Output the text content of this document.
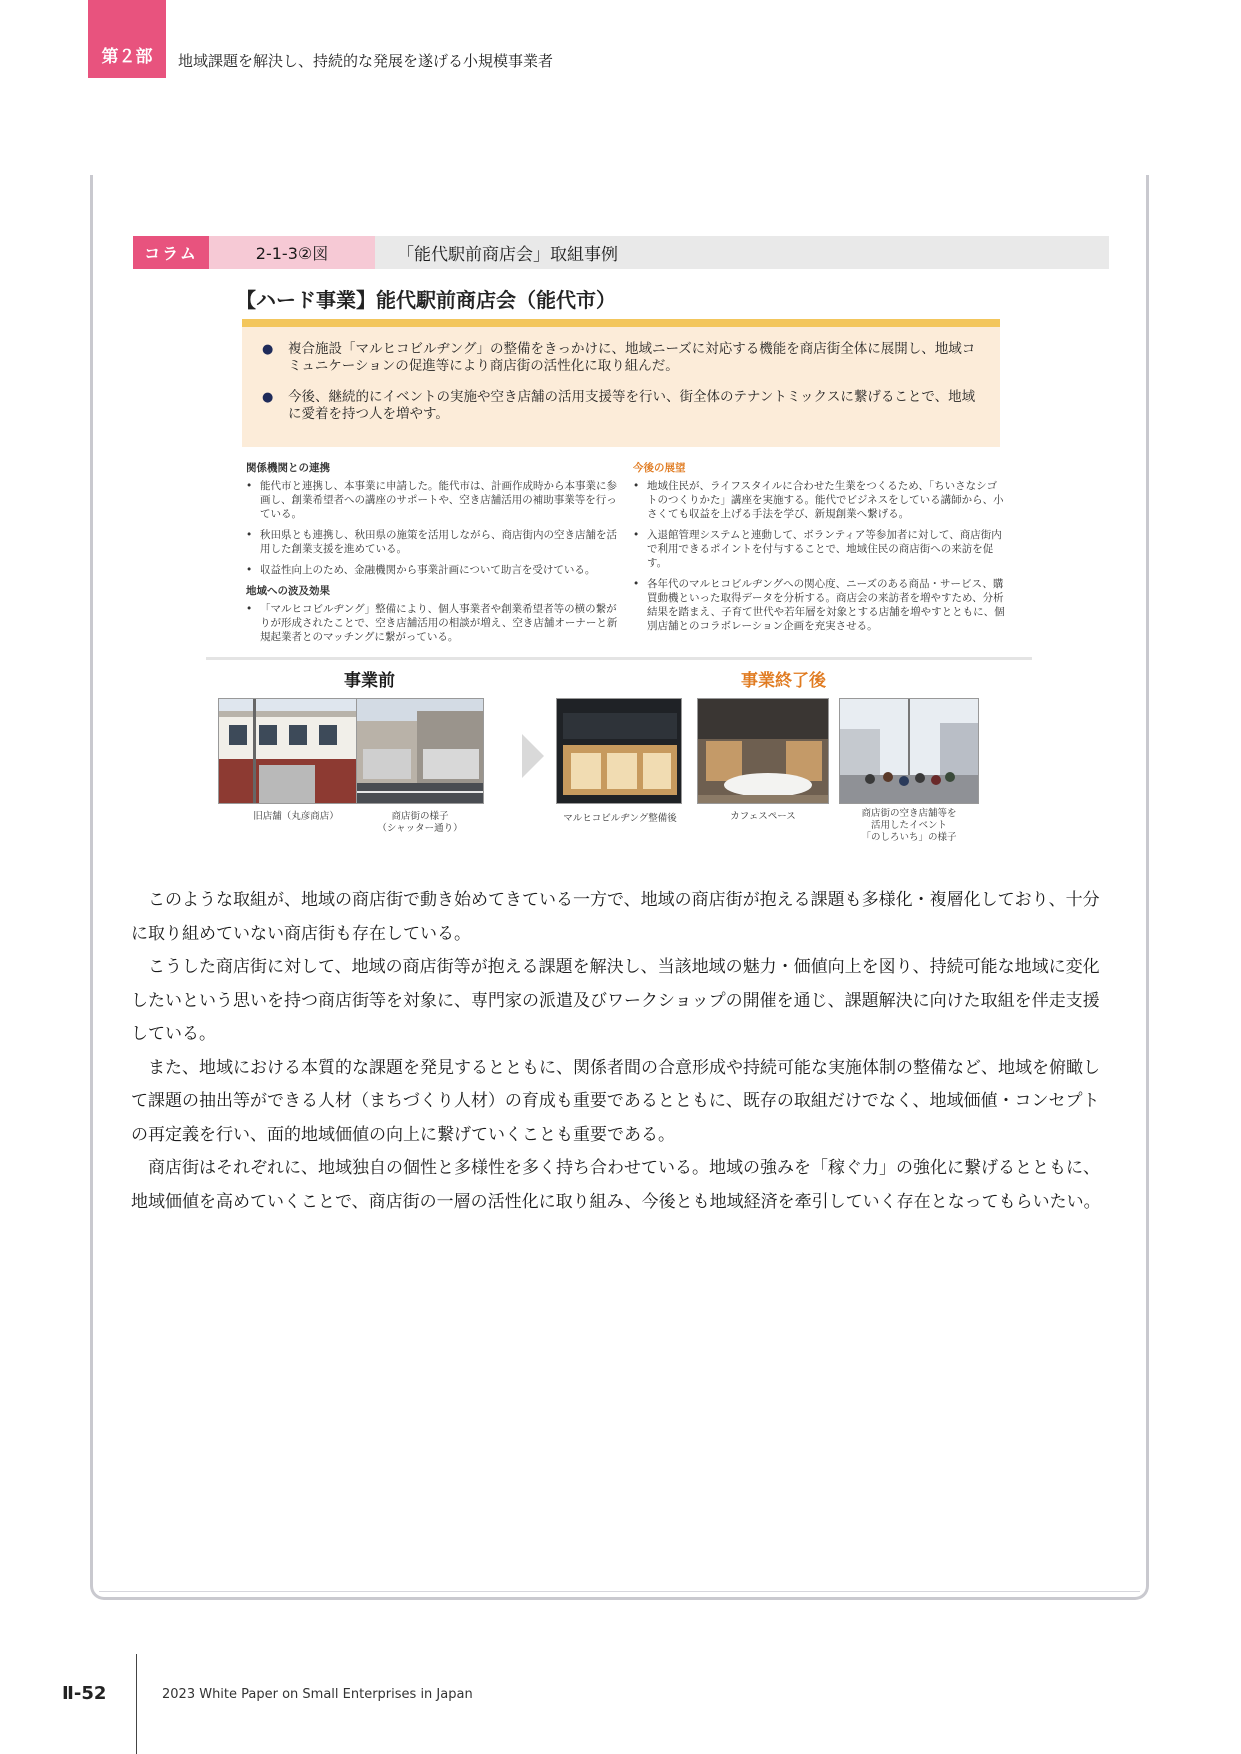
第２部 地域課題を解決し、持続的な発展を遂げる小規模事業者
コラム	2-1-3②図	「能代駅前商店会」取組事例
【ハード事業】能代駅前商店会（能代市）
●	複合施設「マルヒコビルヂング」の整備をきっかけに、地域ニーズに対応する機能を商店街全体に展開し、地域コミュニケーションの促進等により商店街の活性化に取り組んだ。
●	今後、継続的にイベントの実施や空き店舗の活用支援等を行い、街全体のテナントミックスに繋げることで、地域に愛着を持つ人を増やす。
関係機関との連携
• 能代市と連携し、本事業に申請した。能代市は、計画作成時から本事業に参画し、創業希望者への講座のサポートや、空き店舗活用の補助事業等を行っている。
• 秋田県とも連携し、秋田県の施策を活用しながら、商店街内の空き店舗を活用した創業支援を進めている。
• 収益性向上のため、金融機関から事業計画について助言を受けている。
地域への波及効果
• 「マルヒコビルヂング」整備により、個人事業者や創業希望者等の横の繋がりが形成されたことで、空き店舗活用の相談が増え、空き店舗オーナーと新規起業者とのマッチングに繋がっている。
今後の展望
• 地域住民が、ライフスタイルに合わせた生業をつくるため、「ちいさなシゴトのつくりかた」講座を実施する。能代でビジネスをしている講師から、小さくても収益を上げる手法を学び、新規創業へ繋げる。
• 入退館管理システムと連動して、ボランティア等参加者に対して、商店街内で利用できるポイントを付与することで、地域住民の商店街への来訪を促す。
• 各年代のマルヒコビルヂングへの関心度、ニーズのある商品・サービス、購買動機といった取得データを分析する。商店会の来訪者を増やすため、分析結果を踏まえ、子育て世代や若年層を対象とする店舗を増やすとともに、個別店舗とのコラボレーション企画を充実させる。
事業前	事業終了後
旧店舗（丸彦商店）	商店街の様子
（シャッター通り）
マルヒコビルヂング整備後	カフェスペース	商店街の空き店舗等を
活用したイベント
「のしろいち」の様子

このような取組が、地域の商店街で動き始めてきている一方で、地域の商店街が抱える課題も多様化・複層化しており、十分に取り組めていない商店街も存在している。

こうした商店街に対して、地域の商店街等が抱える課題を解決し、当該地域の魅力・価値向上を図り、持続可能な地域に変化したいという思いを持つ商店街等を対象に、専門家の派遣及びワークショップの開催を通じ、課題解決に向けた取組を伴走支援している。

また、地域における本質的な課題を発見するとともに、関係者間の合意形成や持続可能な実施体制の整備など、地域を俯瞰して課題の抽出等ができる人材（まちづくり人材）の育成も重要であるとともに、既存の取組だけでなく、地域価値・コンセプトの再定義を行い、面的地域価値の向上に繋げていくことも重要である。

商店街はそれぞれに、地域独自の個性と多様性を多く持ち合わせている。地域の強みを「稼ぐ力」の強化に繋げるとともに、地域価値を高めていくことで、商店街の一層の活性化に取り組み、今後とも地域経済を牽引していく存在となってもらいたい。

Ⅱ-52	2023 White Paper on Small Enterprises in Japan
